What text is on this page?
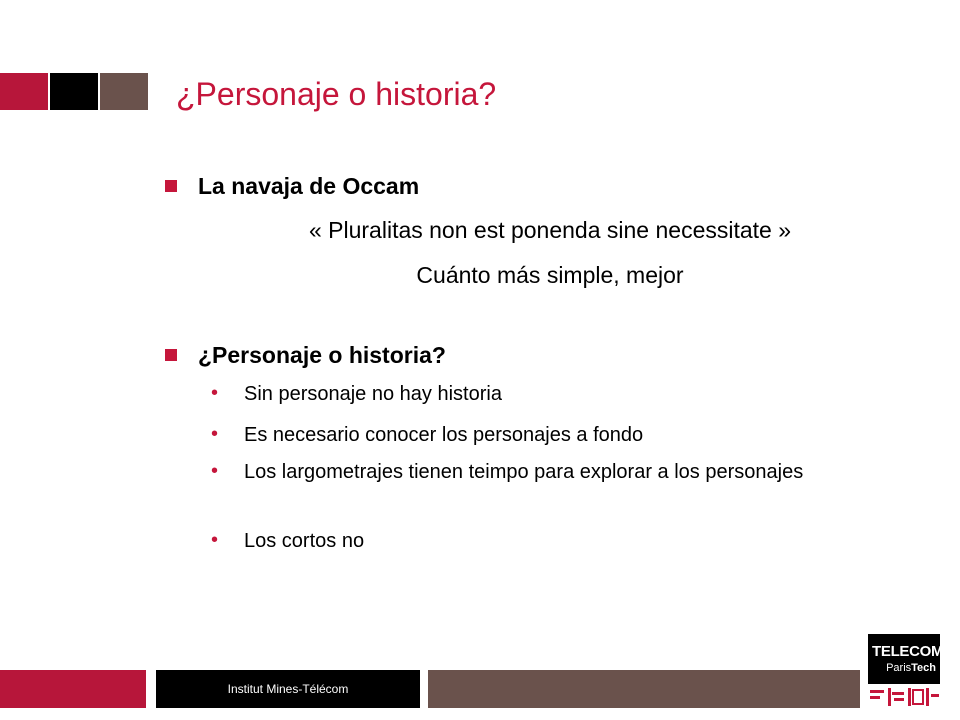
¿Personaje o historia?
La navaja de Occam
« Pluralitas non est ponenda sine necessitate »
Cuánto más simple, mejor
¿Personaje o historia?
• Sin personaje no hay historia
• Es necesario conocer los personajes a fondo
• Los largometrajes tienen teimpo para explorar a los personajes
• Los cortos no
Institut Mines-Télécom
TELECOM
ParisTech
